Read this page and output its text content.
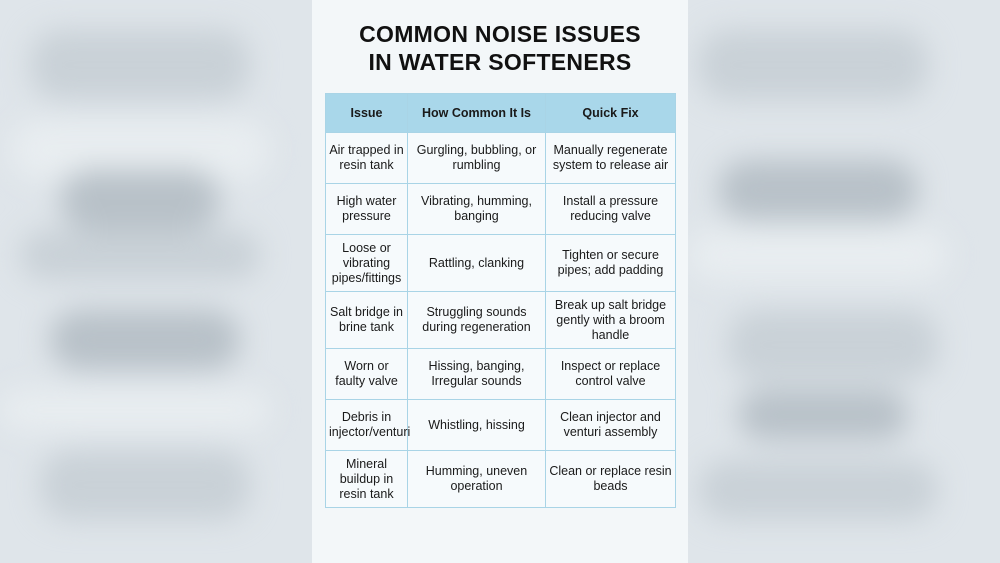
COMMON NOISE ISSUES
IN WATER SOFTENERS
Issue	How Common It Is	Quick Fix
Air trapped in resin tank	Gurgling, bubbling, or rumbling	Manually regenerate system to release air
High water pressure	Vibrating, humming, banging	Install a pressure reducing valve
Loose or vibrating pipes/fittings	Rattling, clanking	Tighten or secure pipes; add padding
Salt bridge in brine tank	Struggling sounds during regeneration	Break up salt bridge gently with a broom handle
Worn or faulty valve	Hissing, banging, Irregular sounds	Inspect or replace control valve
Debris in injector/venturi	Whistling, hissing	Clean injector and venturi assembly
Mineral buildup in resin tank	Humming, uneven operation	Clean or replace resin beads
